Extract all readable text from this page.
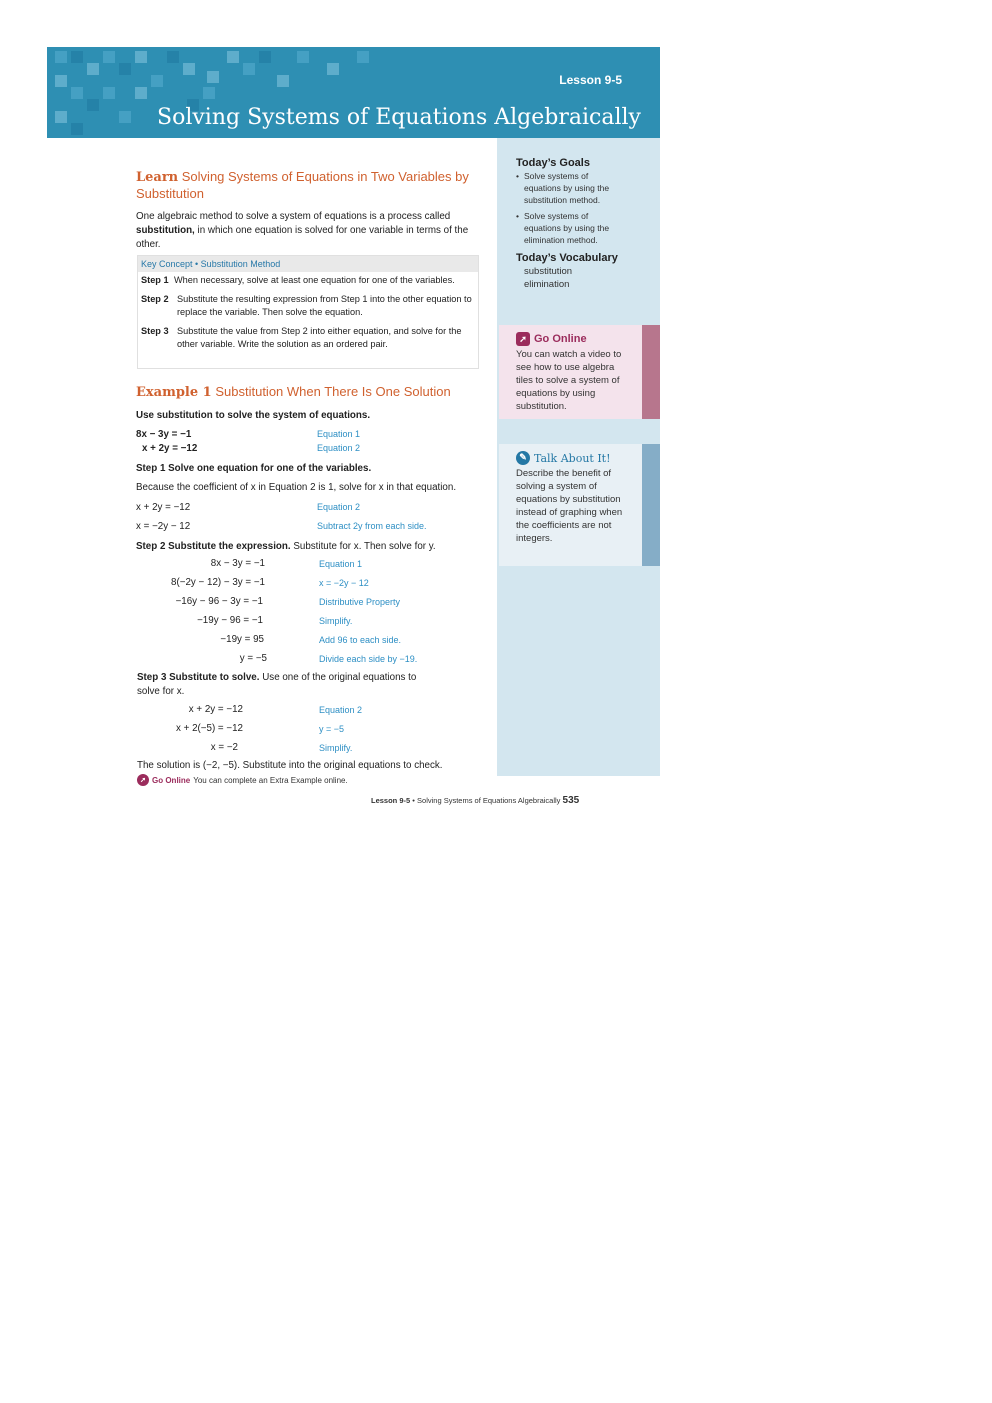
Lesson 9-5
Solving Systems of Equations Algebraically
Today’s Goals
• Solve systems of equations by using the substitution method.
• Solve systems of equations by using the elimination method.
Today’s Vocabulary
substitution
elimination
➚ Go Online
You can watch a video to see how to use algebra tiles to solve a system of equations by using substitution.
✎ Talk About It!
Describe the benefit of solving a system of equations by substitution instead of graphing when the coefficients are not integers.
Learn Solving Systems of Equations in Two Variables by Substitution
One algebraic method to solve a system of equations is a process called substitution, in which one equation is solved for one variable in terms of the other.
Key Concept • Substitution Method
Step 1 When necessary, solve at least one equation for one of the variables.
Step 2 Substitute the resulting expression from Step 1 into the other equation to replace the variable. Then solve the equation.
Step 3 Substitute the value from Step 2 into either equation, and solve for the other variable. Write the solution as an ordered pair.
Example 1 Substitution When There Is One Solution
Use substitution to solve the system of equations.
8x − 3y = −1	Equation 1
x + 2y = −12	Equation 2
Step 1 Solve one equation for one of the variables.
Because the coefficient of x in Equation 2 is 1, solve for x in that equation.
x + 2y = −12	Equation 2
x = −2y − 12	Subtract 2y from each side.
Step 2 Substitute the expression. Substitute for x. Then solve for y.
8x − 3y = −1	Equation 1
8(−2y − 12) − 3y = −1	x = −2y − 12
−16y − 96 − 3y = −1	Distributive Property
−19y − 96 = −1	Simplify.
−19y = 95	Add 96 to each side.
y = −5	Divide each side by −19.
Step 3 Substitute to solve. Use one of the original equations to
solve for x.
x + 2y = −12	Equation 2
x + 2(−5) = −12	y = −5
x = −2	Simplify.
The solution is (−2, −5). Substitute into the original equations to check.
➚ Go Online You can complete an Extra Example online.
Lesson 9-5 • Solving Systems of Equations Algebraically 535
